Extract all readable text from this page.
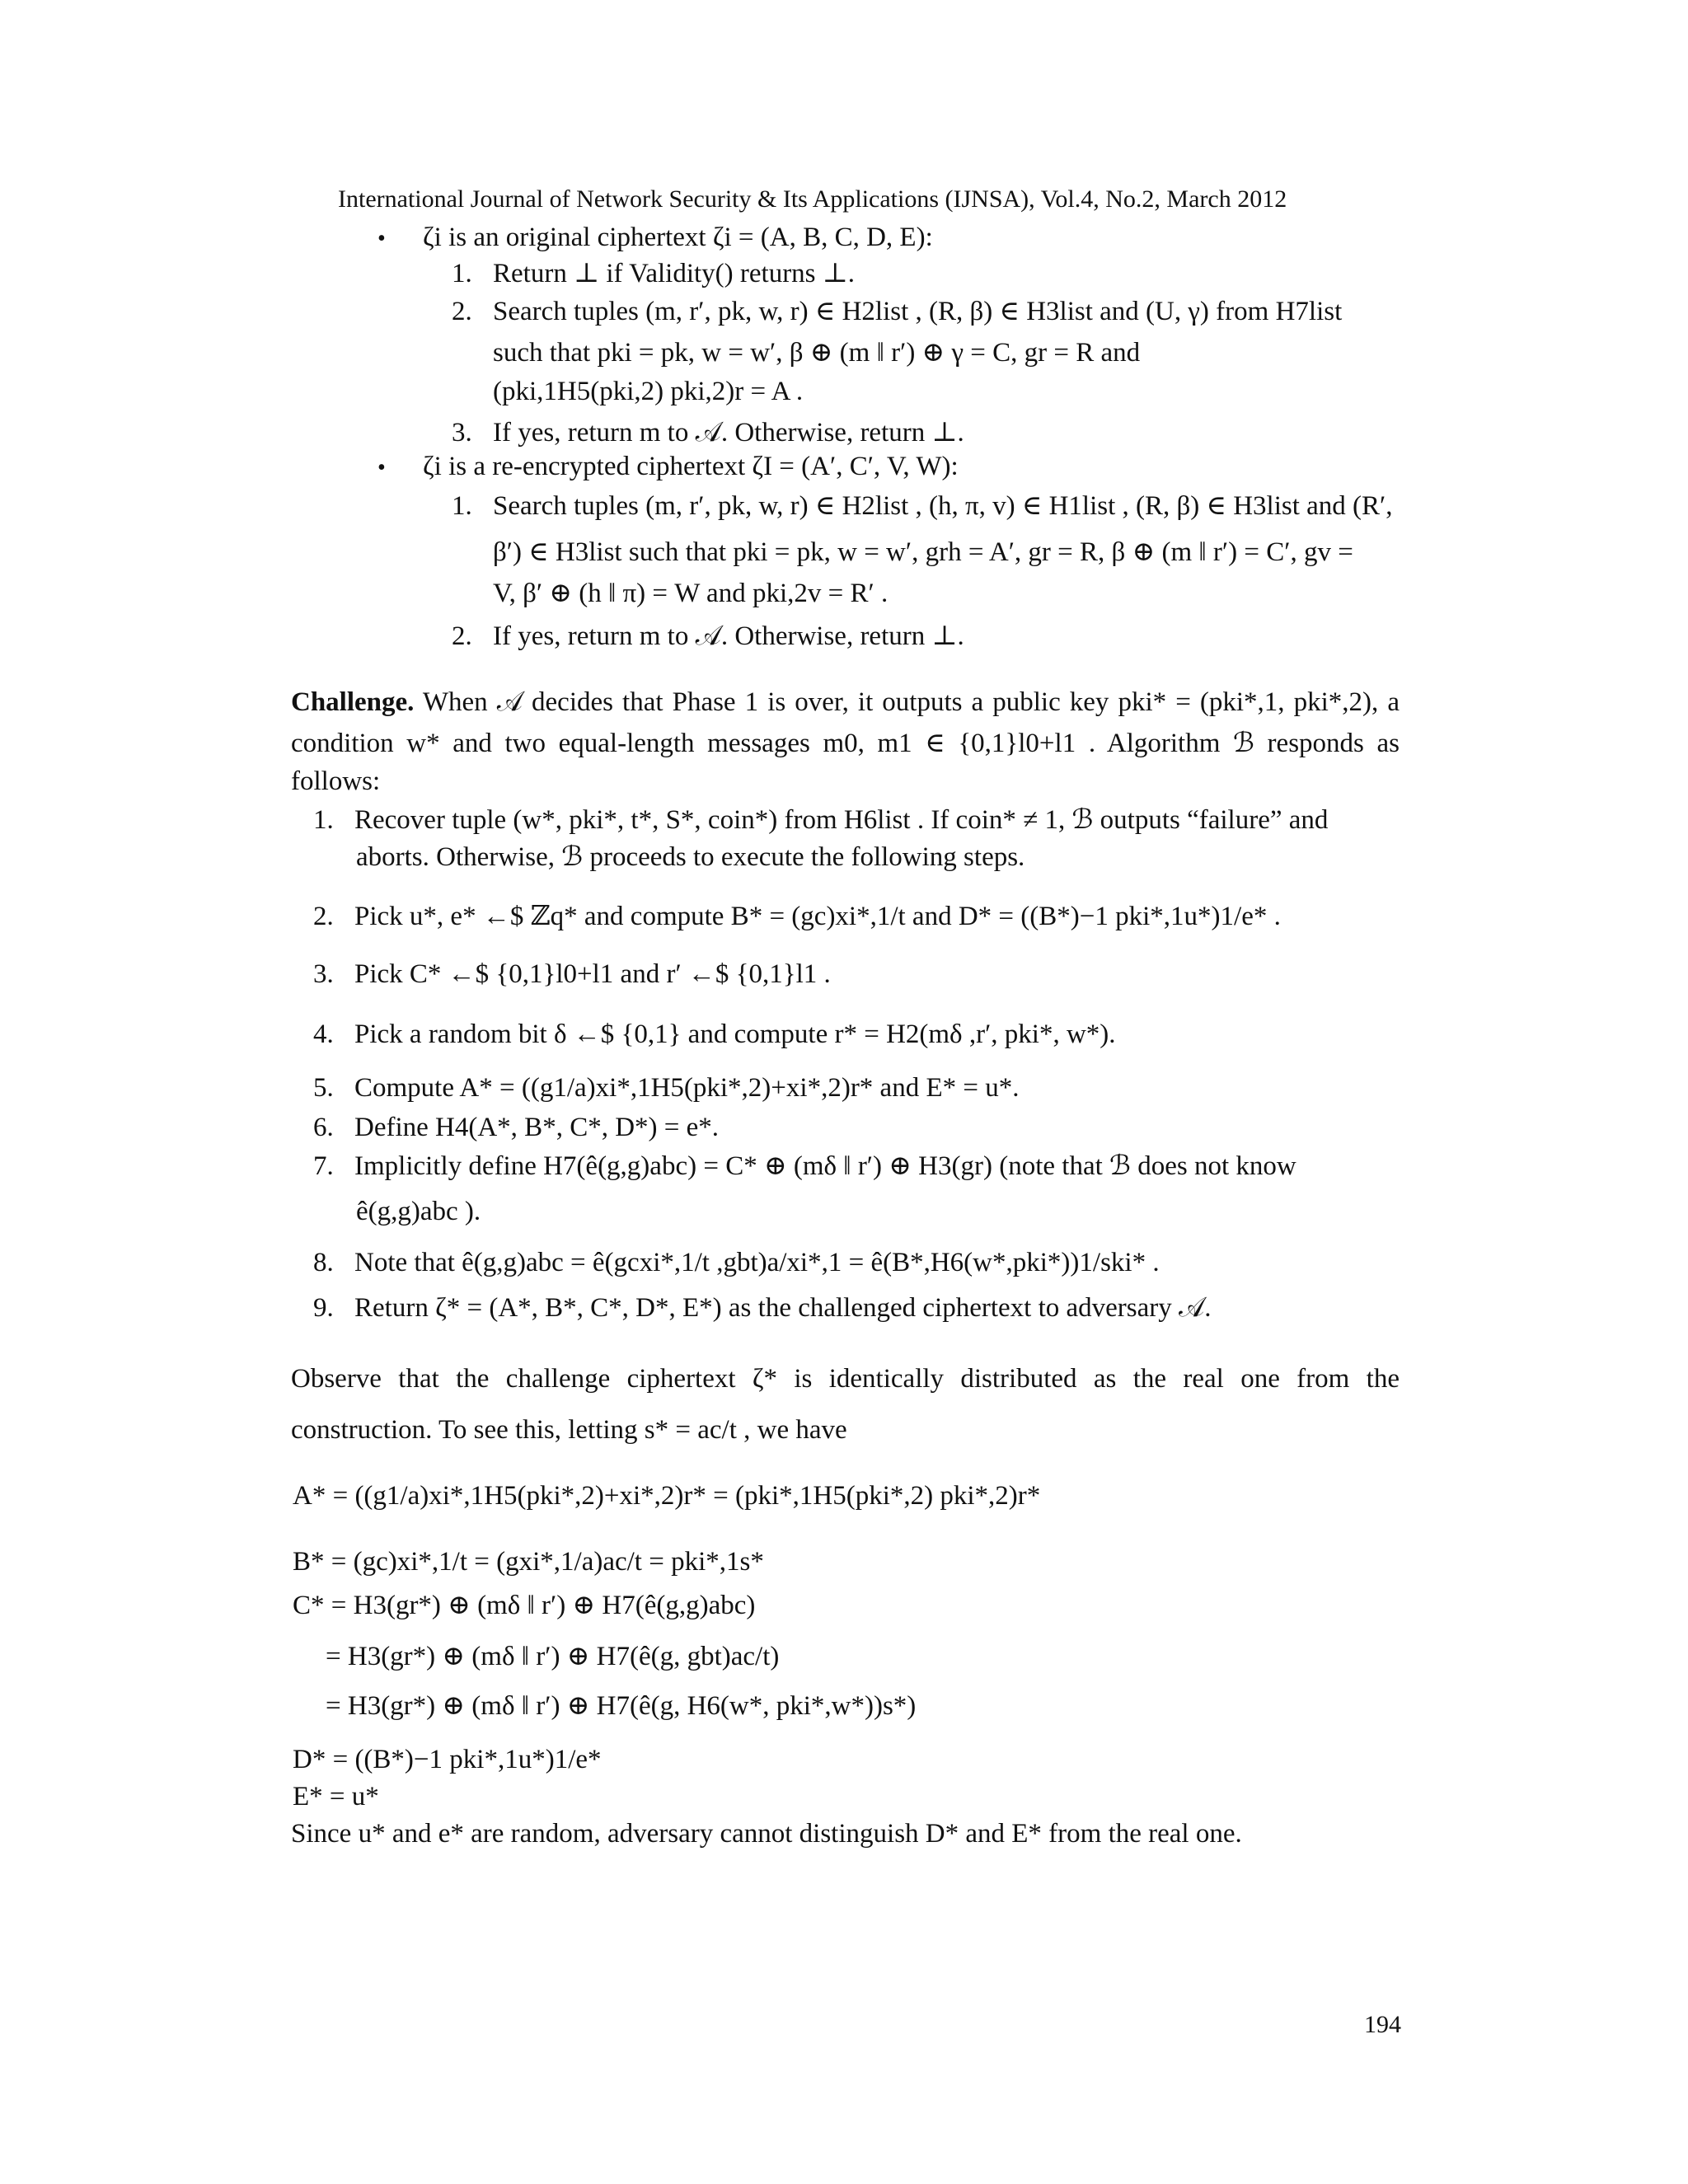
International Journal of Network Security & Its Applications (IJNSA), Vol.4, No.2, March 2012
• ζi is an original ciphertext ζi = (A, B, C, D, E):
1. Return ⊥ if Validity() returns ⊥.
2. Search tuples (m, r′, pk, w, r) ∈ H2list , (R, β) ∈ H3list and (U, γ) from H7list
such that pki = pk, w = w′, β ⊕ (m ‖ r′) ⊕ γ = C, gr = R and
(pki,1H5(pki,2) pki,2)r = A .
3. If yes, return m to 𝒜. Otherwise, return ⊥.
• ζi is a re-encrypted ciphertext ζI = (A′, C′, V, W):
1. Search tuples (m, r′, pk, w, r) ∈ H2list , (h, π, v) ∈ H1list , (R, β) ∈ H3list and (R′,
β′) ∈ H3list such that pki = pk, w = w′, grh = A′, gr = R, β ⊕ (m ‖ r′) = C′, gv =
V, β′ ⊕ (h ‖ π) = W and pki,2v = R′ .
2. If yes, return m to 𝒜. Otherwise, return ⊥.
Challenge. When 𝒜 decides that Phase 1 is over, it outputs a public key pki* = (pki*,1, pki*,2), a
condition w* and two equal-length messages m0, m1 ∈ {0,1}l0+l1 . Algorithm ℬ responds as
follows:
1. Recover tuple (w*, pki*, t*, S*, coin*) from H6list . If coin* ≠ 1, ℬ outputs “failure” and
aborts. Otherwise, ℬ proceeds to execute the following steps.
2. Pick u*, e* ←$ ℤq* and compute B* = (gc)xi*,1/t and D* = ((B*)−1 pki*,1u*)1/e* .
3. Pick C* ←$ {0,1}l0+l1 and r′ ←$ {0,1}l1 .
4. Pick a random bit δ ←$ {0,1} and compute r* = H2(mδ ,r′, pki*, w*).
5. Compute A* = ((g1/a)xi*,1H5(pki*,2)+xi*,2)r* and E* = u*.
6. Define H4(A*, B*, C*, D*) = e*.
7. Implicitly define H7(ê(g,g)abc) = C* ⊕ (mδ ‖ r′) ⊕ H3(gr) (note that ℬ does not know
ê(g,g)abc ).
8. Note that ê(g,g)abc = ê(gcxi*,1/t ,gbt)a/xi*,1 = ê(B*,H6(w*,pki*))1/ski* .
9. Return ζ* = (A*, B*, C*, D*, E*) as the challenged ciphertext to adversary 𝒜.
Observe that the challenge ciphertext ζ* is identically distributed as the real one from the
construction. To see this, letting s* = ac/t , we have
A* = ((g1/a)xi*,1H5(pki*,2)+xi*,2)r* = (pki*,1H5(pki*,2) pki*,2)r*
B* = (gc)xi*,1/t = (gxi*,1/a)ac/t = pki*,1s*
C* = H3(gr*) ⊕ (mδ ‖ r′) ⊕ H7(ê(g,g)abc)
= H3(gr*) ⊕ (mδ ‖ r′) ⊕ H7(ê(g, gbt)ac/t)
= H3(gr*) ⊕ (mδ ‖ r′) ⊕ H7(ê(g, H6(w*, pki*,w*))s*)
D* = ((B*)−1 pki*,1u*)1/e*
E* = u*
Since u* and e* are random, adversary cannot distinguish D* and E* from the real one.
194
